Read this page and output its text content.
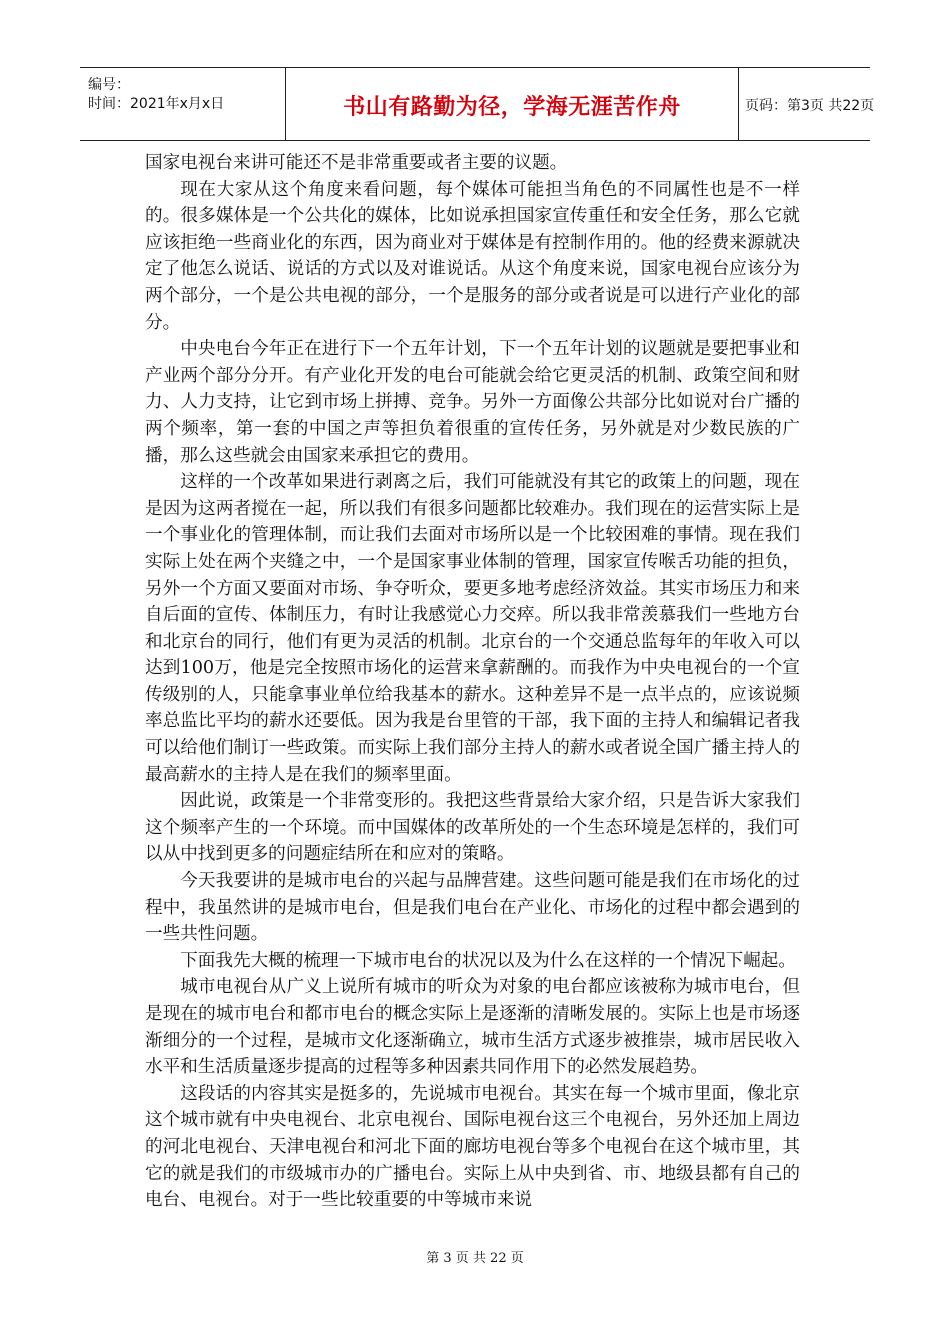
编号：
时间：2021年x月x日	书山有路勤为径，学海无涯苦作舟	页码：第3页 共22页

国家电视台来讲可能还不是非常重要或者主要的议题。

现在大家从这个角度来看问题，每个媒体可能担当角色的不同属性也是不一样的。很多媒体是一个公共化的媒体，比如说承担国家宣传重任和安全任务，那么它就应该拒绝一些商业化的东西，因为商业对于媒体是有控制作用的。他的经费来源就决定了他怎么说话、说话的方式以及对谁说话。从这个角度来说，国家电视台应该分为两个部分，一个是公共电视的部分，一个是服务的部分或者说是可以进行产业化的部分。

中央电台今年正在进行下一个五年计划，下一个五年计划的议题就是要把事业和产业两个部分分开。有产业化开发的电台可能就会给它更灵活的机制、政策空间和财力、人力支持，让它到市场上拼搏、竞争。另外一方面像公共部分比如说对台广播的两个频率，第一套的中国之声等担负着很重的宣传任务，另外就是对少数民族的广播，那么这些就会由国家来承担它的费用。

这样的一个改革如果进行剥离之后，我们可能就没有其它的政策上的问题，现在是因为这两者搅在一起，所以我们有很多问题都比较难办。我们现在的运营实际上是一个事业化的管理体制，而让我们去面对市场所以是一个比较困难的事情。现在我们实际上处在两个夹缝之中，一个是国家事业体制的管理，国家宣传喉舌功能的担负，另外一个方面又要面对市场、争夺听众，要更多地考虑经济效益。其实市场压力和来自后面的宣传、体制压力，有时让我感觉心力交瘁。所以我非常羡慕我们一些地方台和北京台的同行，他们有更为灵活的机制。北京台的一个交通总监每年的年收入可以达到100万，他是完全按照市场化的运营来拿薪酬的。而我作为中央电视台的一个宣传级别的人，只能拿事业单位给我基本的薪水。这种差异不是一点半点的，应该说频率总监比平均的薪水还要低。因为我是台里管的干部，我下面的主持人和编辑记者我可以给他们制订一些政策。而实际上我们部分主持人的薪水或者说全国广播主持人的最高薪水的主持人是在我们的频率里面。

因此说，政策是一个非常变形的。我把这些背景给大家介绍，只是告诉大家我们这个频率产生的一个环境。而中国媒体的改革所处的一个生态环境是怎样的，我们可以从中找到更多的问题症结所在和应对的策略。

今天我要讲的是城市电台的兴起与品牌营建。这些问题可能是我们在市场化的过程中，我虽然讲的是城市电台，但是我们电台在产业化、市场化的过程中都会遇到的一些共性问题。

下面我先大概的梳理一下城市电台的状况以及为什么在这样的一个情况下崛起。

城市电视台从广义上说所有城市的听众为对象的电台都应该被称为城市电台，但是现在的城市电台和都市电台的概念实际上是逐渐的清晰发展的。实际上也是市场逐渐细分的一个过程，是城市文化逐渐确立，城市生活方式逐步被推崇，城市居民收入水平和生活质量逐步提高的过程等多种因素共同作用下的必然发展趋势。

这段话的内容其实是挺多的，先说城市电视台。其实在每一个城市里面，像北京这个城市就有中央电视台、北京电视台、国际电视台这三个电视台，另外还加上周边的河北电视台、天津电视台和河北下面的廊坊电视台等多个电视台在这个城市里，其它的就是我们的市级城市办的广播电台。实际上从中央到省、市、地级县都有自己的电台、电视台。对于一些比较重要的中等城市来说

第 3 页 共 22 页
